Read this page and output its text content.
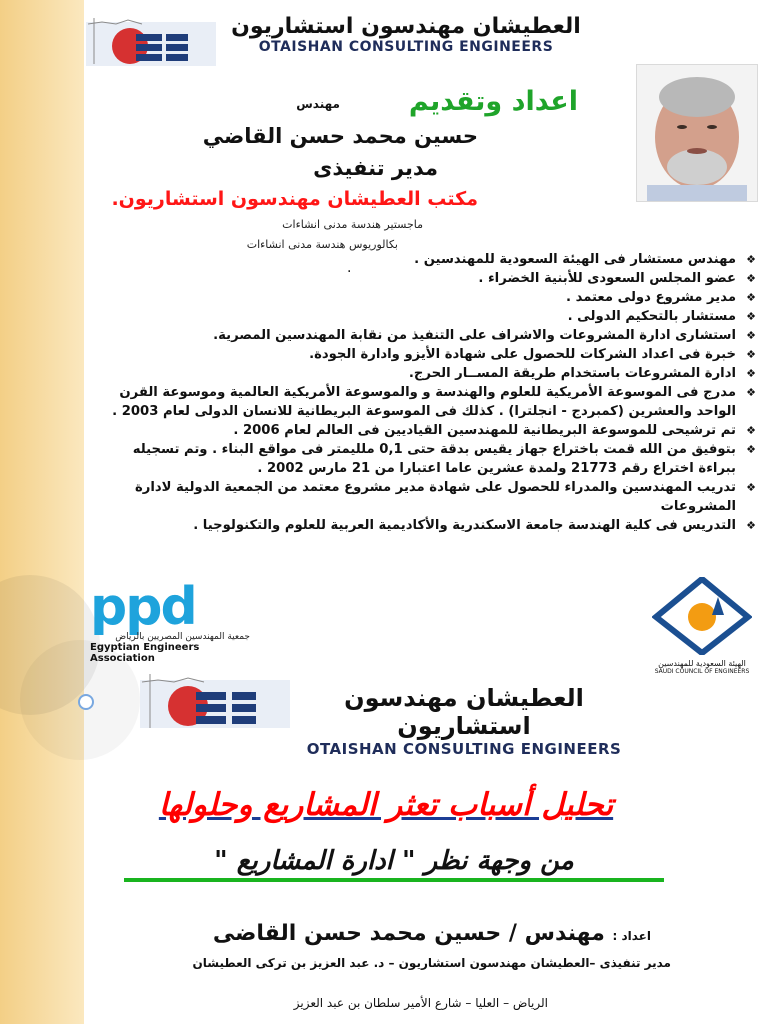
العطيشان مهندسون استشاريون
OTAISHAN CONSULTING ENGINEERS
اعداد وتقديم
مهندس
حسين محمد حسن القاضي
مدير تنفيذى
مكتب العطيشان مهندسون استشاريون.
ماجستير هندسة مدنى انشاءات
بكالوريوس هندسة مدنى انشاءات
.
❖ مهندس مستشار فى الهيئة السعودية للمهندسين .
❖ عضو المجلس السعودى للأبنية الخضراء .
❖ مدير مشروع دولى معتمد .
❖ مستشار بالتحكيم الدولى .
❖ استشارى ادارة المشروعات والاشراف على التنفيذ من نقابة المهندسين المصرية.
❖ خبرة فى اعداد الشركات للحصول على شهادة الأيزو وادارة الجودة.
❖ ادارة المشروعات باستخدام طريقة المســار الحرج.
❖ مدرج فى الموسوعة الأمريكية للعلوم والهندسة و والموسوعة الأمريكية العالمية وموسوعة القرن الواحد والعشرين (كمبردج - انجلترا) . كذلك فى الموسوعة البريطانية للانسان الدولى لعام 2003 .
❖ تم ترشيحى للموسوعة البريطانية للمهندسين القياديين فى العالم لعام 2006 .
❖ بتوفيق من الله قمت باختراع جهاز يقيس بدقة حتى 0,1 ملليمتر فى مواقع البناء . وتم تسجيله ببراءة اختراع رقم 21773 ولمدة عشرين عاما اعتبارا من 21 مارس 2002 .
❖ تدريب المهندسين والمدراء للحصول على شهادة مدير مشروع معتمد من الجمعية الدولية لادارة المشروعات
❖ التدريس فى كلية الهندسة جامعة الاسكندرية والأكاديمية العربية للعلوم والتكنولوجيا .
ppd
جمعية المهندسين المصريين بالرياض
Egyptian Engineers Association	الهيئة السعودية للمهندسين
SAUDI COUNCIL OF ENGINEERS
العطيشان مهندسون استشاريون
OTAISHAN CONSULTING ENGINEERS
تحليل أسباب تعثر المشاريع وحلولها
من وجهة نظر " ادارة المشاريع "
اعداد : مهندس / حسين محمد حسن القاضى
مدير تنفيذى –العطيشان مهندسون استشاريون – د. عبد العزيز بن تركى العطيشان
الرياض – العليا – شارع الأمير سلطان بن عبد العزيز
